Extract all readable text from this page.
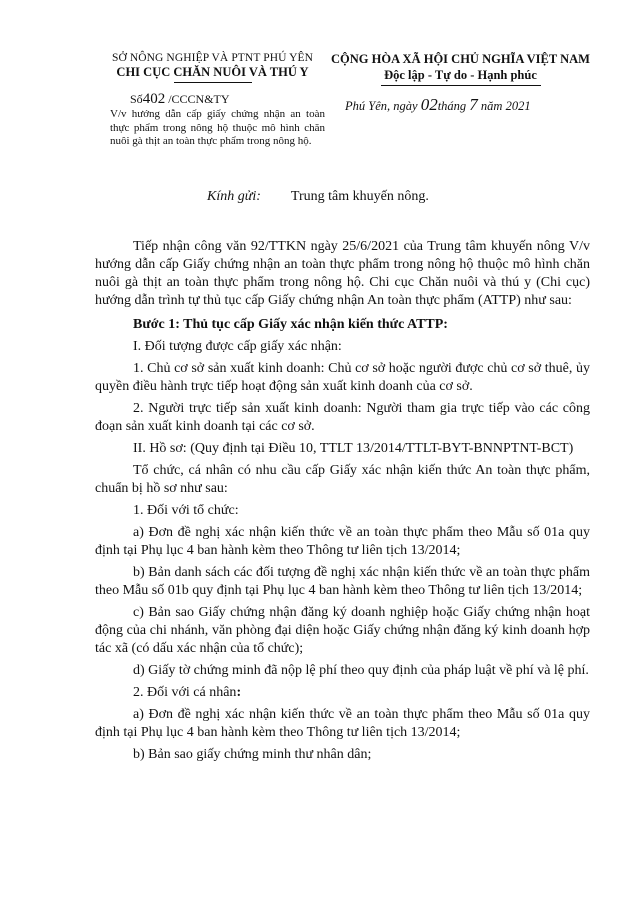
SỞ NÔNG NGHIỆP VÀ PTNT PHÚ YÊN
CHI CỤC CHĂN NUÔI VÀ THÚ Y
CỘNG HÒA XÃ HỘI CHỦ NGHĨA VIỆT NAM
Độc lập - Tự do - Hạnh phúc
Số402 /CCCN&TY	Phú Yên, ngày 02tháng 7 năm 2021
V/v hướng dẫn cấp giấy chứng nhận an toàn thực phẩm trong nông hộ thuộc mô hình chăn nuôi gà thịt an toàn thực phẩm trong nông hộ.
Kính gửi: Trung tâm khuyến nông.

Tiếp nhận công văn 92/TTKN ngày 25/6/2021 của Trung tâm khuyến nông V/v hướng dẫn cấp Giấy chứng nhận an toàn thực phẩm trong nông hộ thuộc mô hình chăn nuôi gà thịt an toàn thực phẩm trong nông hộ. Chi cục Chăn nuôi và thú y (Chi cục) hướng dẫn trình tự thủ tục cấp Giấy chứng nhận An toàn thực phẩm (ATTP) như sau:

Bước 1: Thủ tục cấp Giấy xác nhận kiến thức ATTP:

I. Đối tượng được cấp giấy xác nhận:

1. Chủ cơ sở sản xuất kinh doanh: Chủ cơ sở hoặc người được chủ cơ sở thuê, ủy quyền điều hành trực tiếp hoạt động sản xuất kinh doanh của cơ sở.

2. Người trực tiếp sản xuất kinh doanh: Người tham gia trực tiếp vào các công đoạn sản xuất kinh doanh tại các cơ sở.

II. Hồ sơ: (Quy định tại Điều 10, TTLT 13/2014/TTLT-BYT-BNNPTNT-BCT)

Tổ chức, cá nhân có nhu cầu cấp Giấy xác nhận kiến thức An toàn thực phẩm, chuẩn bị hồ sơ như sau:

1. Đối với tổ chức:

a) Đơn đề nghị xác nhận kiến thức về an toàn thực phẩm theo Mẫu số 01a quy định tại Phụ lục 4 ban hành kèm theo Thông tư liên tịch 13/2014;

b) Bản danh sách các đối tượng đề nghị xác nhận kiến thức về an toàn thực phẩm theo Mẫu số 01b quy định tại Phụ lục 4 ban hành kèm theo Thông tư liên tịch 13/2014;

c) Bản sao Giấy chứng nhận đăng ký doanh nghiệp hoặc Giấy chứng nhận hoạt động của chi nhánh, văn phòng đại diện hoặc Giấy chứng nhận đăng ký kinh doanh hợp tác xã (có dấu xác nhận của tổ chức);

d) Giấy tờ chứng minh đã nộp lệ phí theo quy định của pháp luật về phí và lệ phí.

2. Đối với cá nhân:

a) Đơn đề nghị xác nhận kiến thức về an toàn thực phẩm theo Mẫu số 01a quy định tại Phụ lục 4 ban hành kèm theo Thông tư liên tịch 13/2014;

b) Bản sao giấy chứng minh thư nhân dân;
